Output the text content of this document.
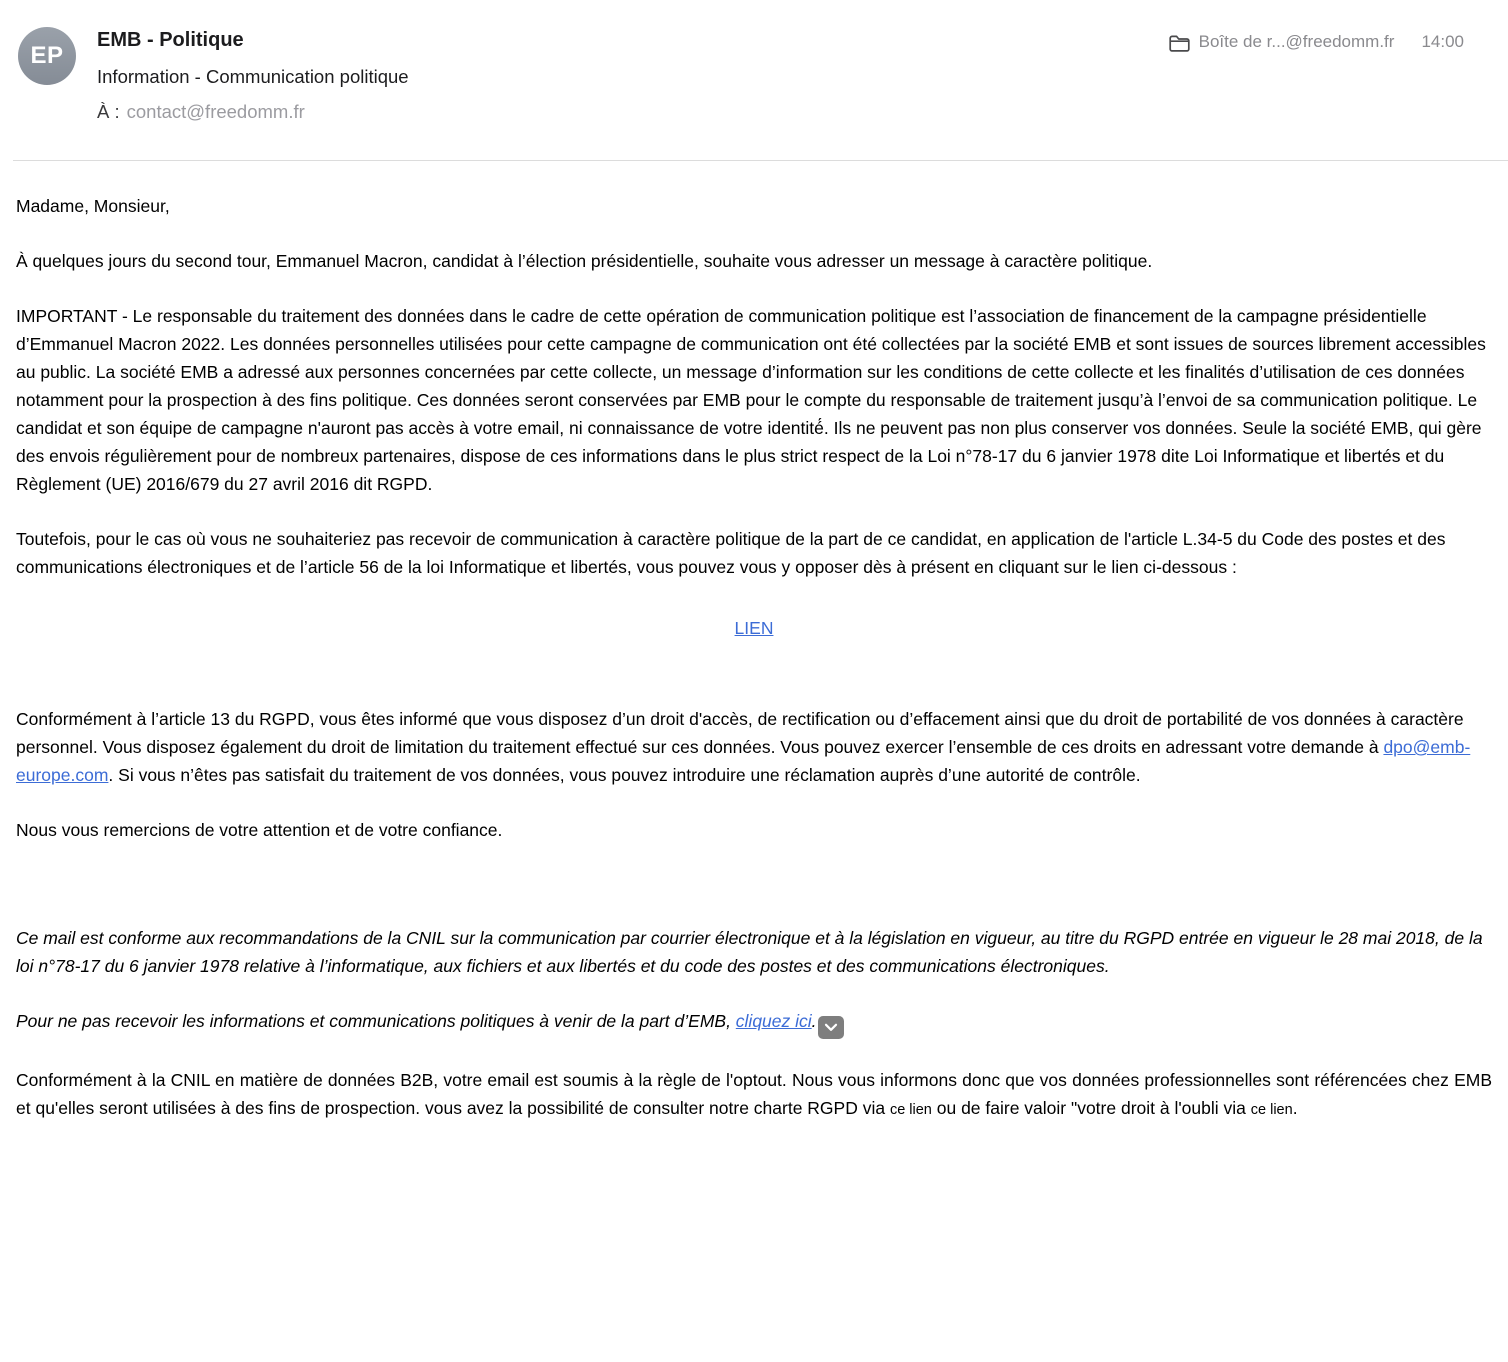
EP
EMB - Politique
Information - Communication politique
À : contact@freedomm.fr
Boîte de r...@freedomm.fr 14:00

Madame, Monsieur,

À quelques jours du second tour, Emmanuel Macron, candidat à l’élection présidentielle, souhaite vous adresser un message à caractère politique.

IMPORTANT - Le responsable du traitement des données dans le cadre de cette opération de communication politique est l’association de financement de la campagne présidentielle d’Emmanuel Macron 2022. Les données personnelles utilisées pour cette campagne de communication ont été collectées par la société EMB et sont issues de sources librement accessibles au public. La société EMB a adressé aux personnes concernées par cette collecte, un message d’information sur les conditions de cette collecte et les finalités d’utilisation de ces données notamment pour la prospection à des fins politique. Ces données seront conservées par EMB pour le compte du responsable de traitement jusqu’à l’envoi de sa communication politique. Le candidat et son équipe de campagne n'auront pas accès à votre email, ni connaissance de votre identité́. Ils ne peuvent pas non plus conserver vos données. Seule la société EMB, qui gère des envois régulièrement pour de nombreux partenaires, dispose de ces informations dans le plus strict respect de la Loi n°78-17 du 6 janvier 1978 dite Loi Informatique et libertés et du Règlement (UE) 2016/679 du 27 avril 2016 dit RGPD.

Toutefois, pour le cas où vous ne souhaiteriez pas recevoir de communication à caractère politique de la part de ce candidat, en application de l'article L.34-5 du Code des postes et des communications électroniques et de l’article 56 de la loi Informatique et libertés, vous pouvez vous y opposer dès à présent en cliquant sur le lien ci-dessous :

LIEN

Conformément à l’article 13 du RGPD, vous êtes informé que vous disposez d’un droit d'accès, de rectification ou d’effacement ainsi que du droit de portabilité de vos données à caractère personnel. Vous disposez également du droit de limitation du traitement effectué sur ces données. Vous pouvez exercer l’ensemble de ces droits en adressant votre demande à dpo@emb-europe.com. Si vous n’êtes pas satisfait du traitement de vos données, vous pouvez introduire une réclamation auprès d’une autorité de contrôle.

Nous vous remercions de votre attention et de votre confiance.

Ce mail est conforme aux recommandations de la CNIL sur la communication par courrier électronique et à la législation en vigueur, au titre du RGPD entrée en vigueur le 28 mai 2018, de la loi n°78-17 du 6 janvier 1978 relative à l’informatique, aux fichiers et aux libertés et du code des postes et des communications électroniques.

Pour ne pas recevoir les informations et communications politiques à venir de la part d’EMB, cliquez ici.

Conformément à la CNIL en matière de données B2B, votre email est soumis à la règle de l'optout. Nous vous informons donc que vos données professionnelles sont référencées chez EMB et qu'elles seront utilisées à des fins de prospection. vous avez la possibilité de consulter notre charte RGPD via ce lien ou de faire valoir "votre droit à l'oubli via ce lien.
